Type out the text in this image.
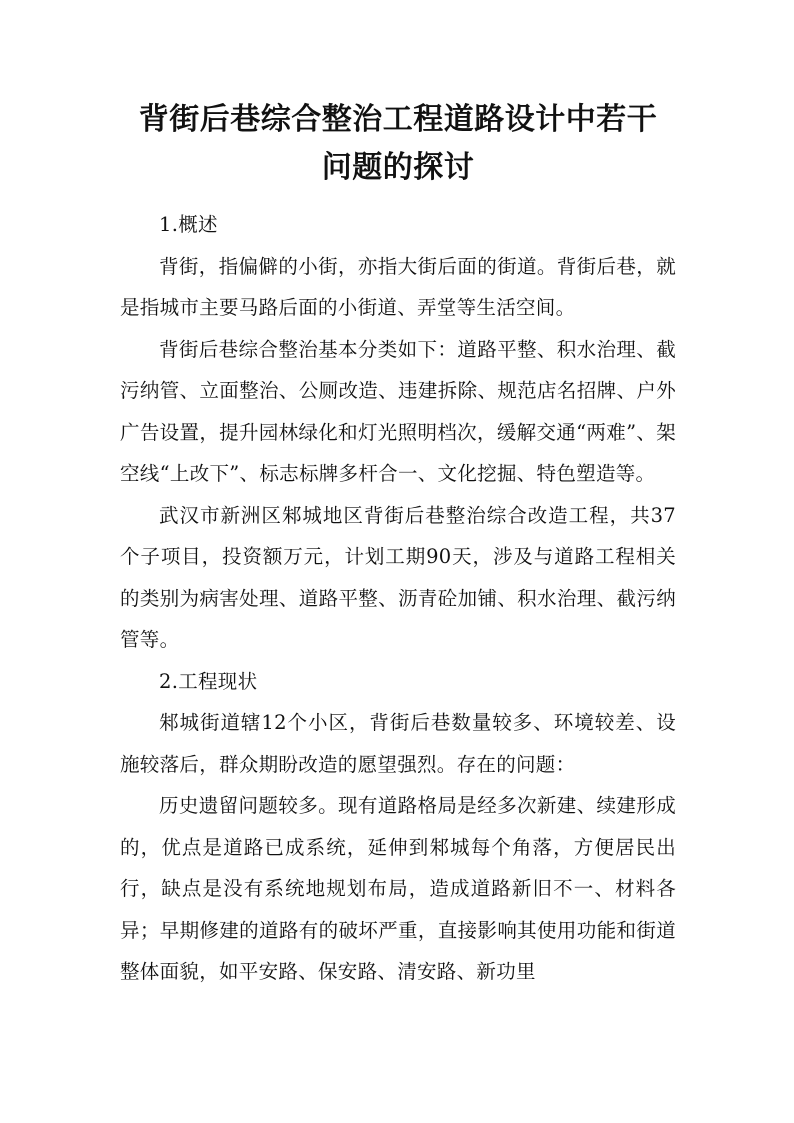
背街后巷综合整治工程道路设计中若干
问题的探讨
1.概述

背街，指偏僻的小街，亦指大街后面的街道。背街后巷，就是指城市主要马路后面的小街道、弄堂等生活空间。

背街后巷综合整治基本分类如下：道路平整、积水治理、截污纳管、立面整治、公厕改造、违建拆除、规范店名招牌、户外广告设置，提升园林绿化和灯光照明档次，缓解交通“两难”、架空线“上改下”、标志标牌多杆合一、文化挖掘、特色塑造等。

武汉市新洲区邾城地区背街后巷整治综合改造工程，共37个子项目，投资额万元，计划工期90天，涉及与道路工程相关的类别为病害处理、道路平整、沥青砼加铺、积水治理、截污纳管等。

2.工程现状

邾城街道辖12个小区，背街后巷数量较多、环境较差、设施较落后，群众期盼改造的愿望强烈。存在的问题：

历史遗留问题较多。现有道路格局是经多次新建、续建形成的，优点是道路已成系统，延伸到邾城每个角落，方便居民出行，缺点是没有系统地规划布局，造成道路新旧不一、材料各异；早期修建的道路有的破坏严重，直接影响其使用功能和街道整体面貌，如平安路、保安路、清安路、新功里
